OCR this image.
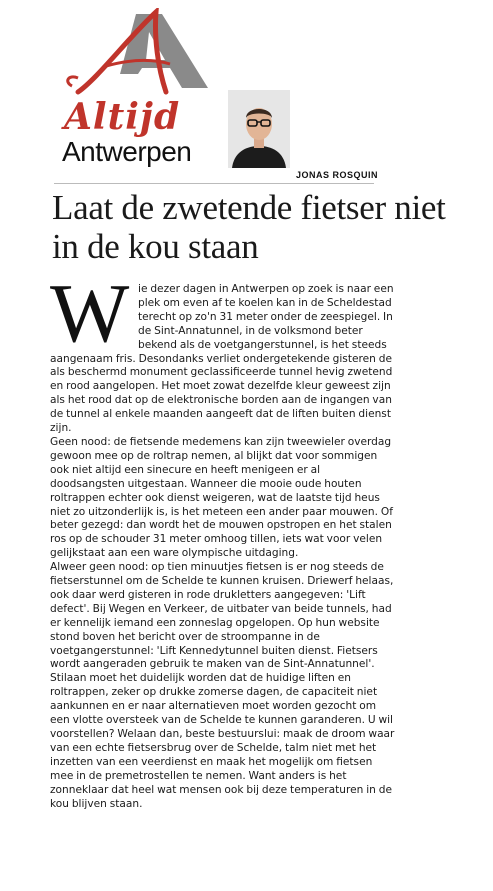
Altijd
Antwerpen
JONAS ROSQUIN
Laat de zwetende fietser niet in de kou staan

W ie dezer dagen in Antwerpen op zoek is naar een plek om even af te koelen kan in de Scheldestad terecht op zo'n 31 meter onder de zeespiegel. In de Sint-Annatunnel, in de volksmond beter bekend als de voetgangerstunnel, is het steeds aangenaam fris. Desondanks verliet ondergetekende gisteren de als beschermd monument geclassificeerde tunnel hevig zwetend en rood aangelopen. Het moet zowat dezelfde kleur geweest zijn als het rood dat op de elektronische borden aan de ingangen van de tunnel al enkele maanden aangeeft dat de liften buiten dienst zijn.

Geen nood: de fietsende medemens kan zijn tweewieler overdag gewoon mee op de roltrap nemen, al blijkt dat voor sommigen ook niet altijd een sinecure en heeft menigeen er al doodsangsten uitgestaan. Wanneer die mooie oude houten roltrappen echter ook dienst weigeren, wat de laatste tijd heus niet zo uitzonderlijk is, is het meteen een ander paar mouwen. Of beter gezegd: dan wordt het de mouwen opstropen en het stalen ros op de schouder 31 meter omhoog tillen, iets wat voor velen gelijkstaat aan een ware olympische uitdaging.

Alweer geen nood: op tien minuutjes fietsen is er nog steeds de fietserstunnel om de Schelde te kunnen kruisen. Driewerf helaas, ook daar werd gisteren in rode drukletters aangegeven: 'Lift defect'. Bij Wegen en Verkeer, de uitbater van beide tunnels, had er kennelijk iemand een zonneslag opgelopen. Op hun website stond boven het bericht over de stroompanne in de voetgangerstunnel: 'Lift Kennedytunnel buiten dienst. Fietsers wordt aangeraden gebruik te maken van de Sint-Annatunnel'.

Stilaan moet het duidelijk worden dat de huidige liften en roltrappen, zeker op drukke zomerse dagen, de capaciteit niet aankunnen en er naar alternatieven moet worden gezocht om een vlotte oversteek van de Schelde te kunnen garanderen. U wil voorstellen? Welaan dan, beste bestuurslui: maak de droom waar van een echte fietsersbrug over de Schelde, talm niet met het inzetten van een veerdienst en maak het mogelijk om fietsen mee in de premetrostellen te nemen. Want anders is het zonneklaar dat heel wat mensen ook bij deze temperaturen in de kou blijven staan.
